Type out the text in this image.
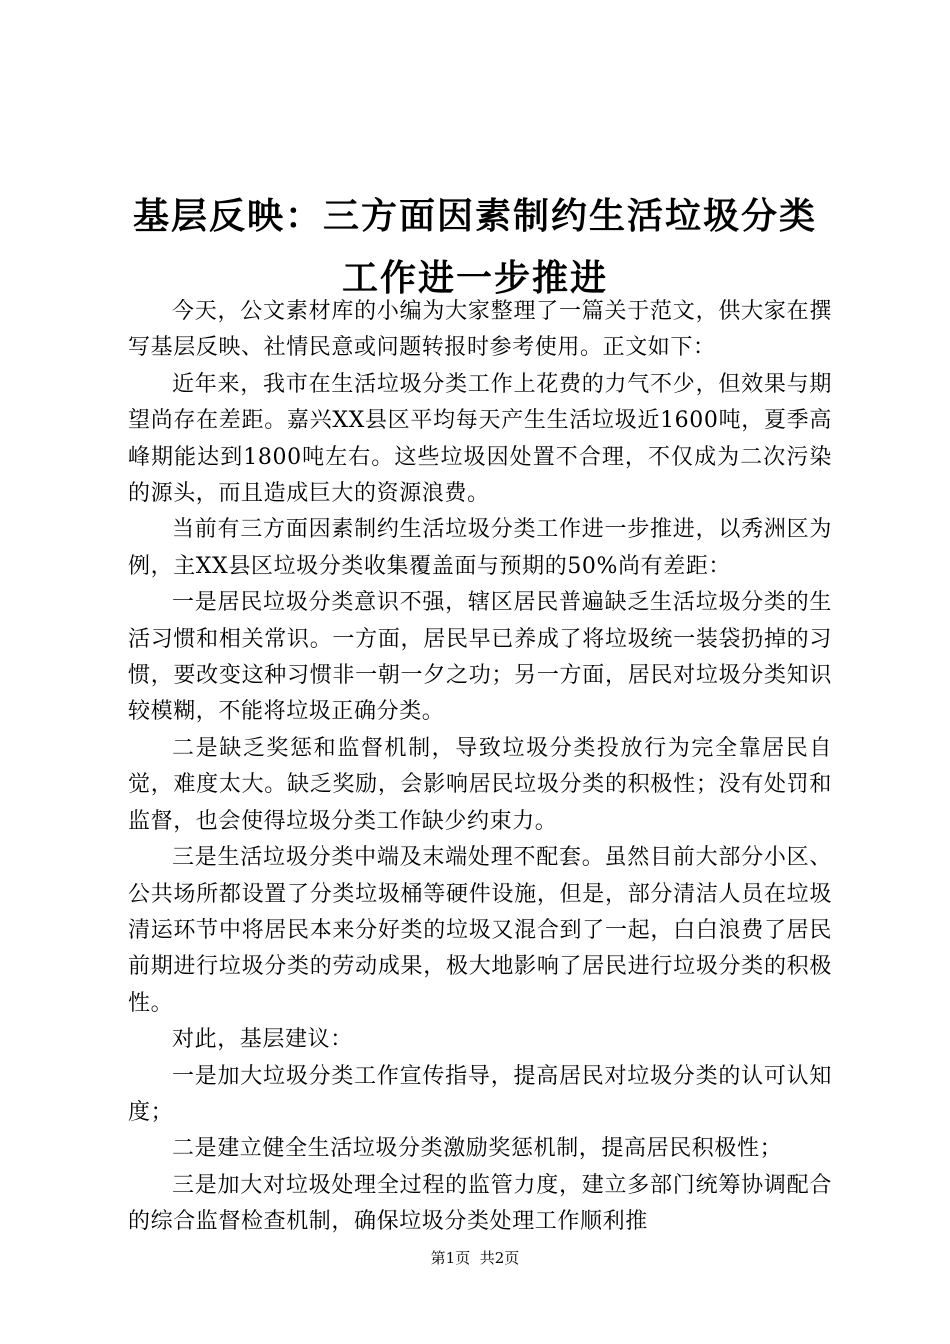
基层反映：三方面因素制约生活垃圾分类工作进一步推进

今天，公文素材库的小编为大家整理了一篇关于范文，供大家在撰写基层反映、社情民意或问题转报时参考使用。正文如下：

近年来，我市在生活垃圾分类工作上花费的力气不少，但效果与期望尚存在差距。嘉兴XX县区平均每天产生生活垃圾近1600吨，夏季高峰期能达到1800吨左右。这些垃圾因处置不合理，不仅成为二次污染的源头，而且造成巨大的资源浪费。

当前有三方面因素制约生活垃圾分类工作进一步推进，以秀洲区为例，主XX县区垃圾分类收集覆盖面与预期的50%尚有差距：

一是居民垃圾分类意识不强，辖区居民普遍缺乏生活垃圾分类的生活习惯和相关常识。一方面，居民早已养成了将垃圾统一装袋扔掉的习惯，要改变这种习惯非一朝一夕之功；另一方面，居民对垃圾分类知识较模糊，不能将垃圾正确分类。

二是缺乏奖惩和监督机制，导致垃圾分类投放行为完全靠居民自觉，难度太大。缺乏奖励，会影响居民垃圾分类的积极性；没有处罚和监督，也会使得垃圾分类工作缺少约束力。

三是生活垃圾分类中端及末端处理不配套。虽然目前大部分小区、公共场所都设置了分类垃圾桶等硬件设施，但是，部分清洁人员在垃圾清运环节中将居民本来分好类的垃圾又混合到了一起，白白浪费了居民前期进行垃圾分类的劳动成果，极大地影响了居民进行垃圾分类的积极性。

对此，基层建议：

一是加大垃圾分类工作宣传指导，提高居民对垃圾分类的认可认知度；

二是建立健全生活垃圾分类激励奖惩机制，提高居民积极性；

三是加大对垃圾处理全过程的监管力度，建立多部门统筹协调配合的综合监督检查机制，确保垃圾分类处理工作顺利推

第1页 共2页
